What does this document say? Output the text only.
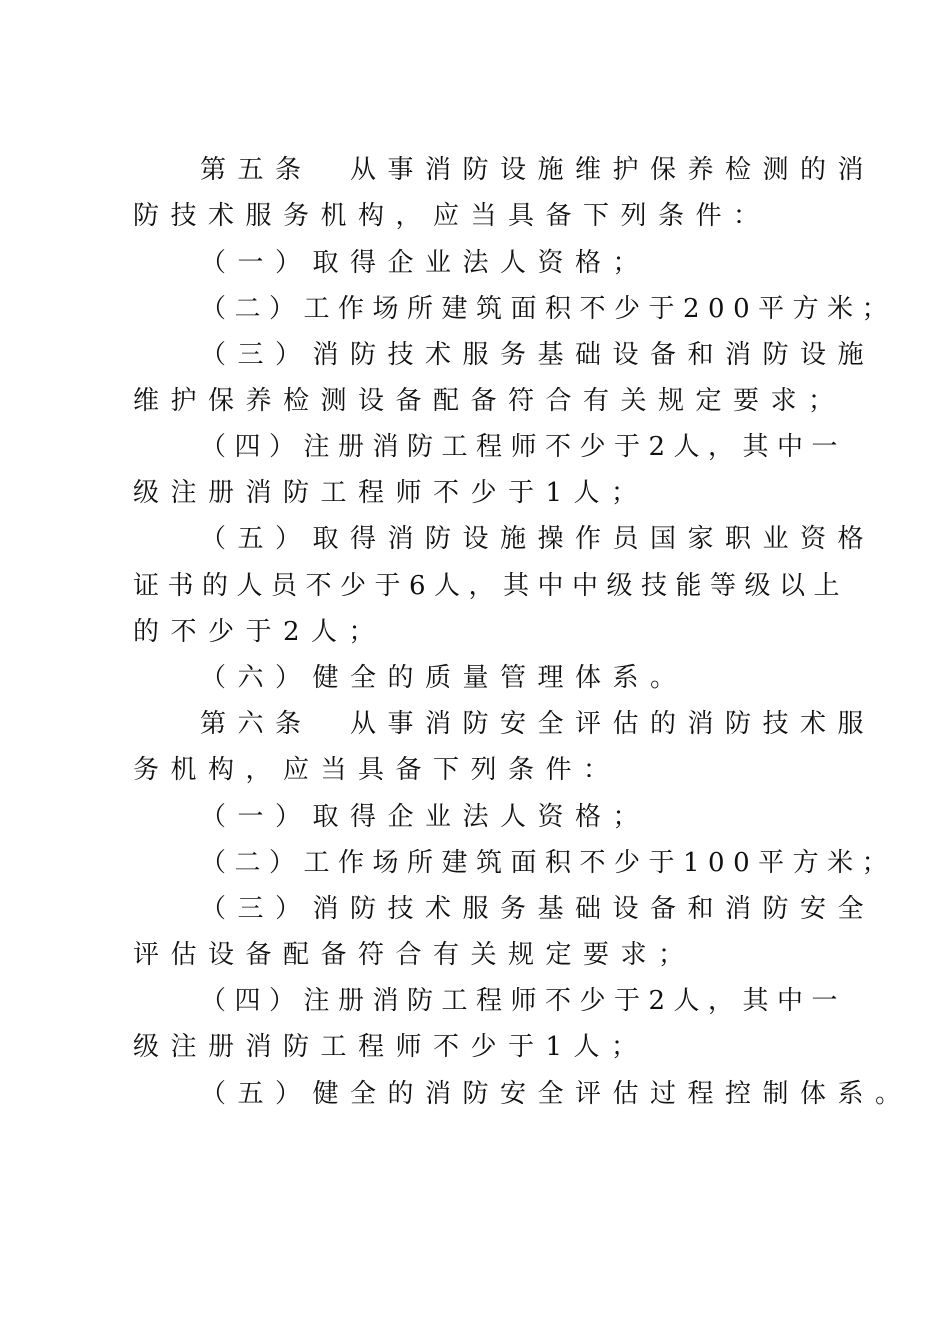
第五条　从事消防设施维护保养检测的消
防技术服务机构，应当具备下列条件：
（一）取得企业法人资格；
（二）工作场所建筑面积不少于200平方米；
（三）消防技术服务基础设备和消防设施
维护保养检测设备配备符合有关规定要求；
（四）注册消防工程师不少于2人，其中一
级注册消防工程师不少于1人；
（五）取得消防设施操作员国家职业资格
证书的人员不少于6人，其中中级技能等级以上
的不少于2人；
（六）健全的质量管理体系。
第六条　从事消防安全评估的消防技术服
务机构，应当具备下列条件：
（一）取得企业法人资格；
（二）工作场所建筑面积不少于100平方米；
（三）消防技术服务基础设备和消防安全
评估设备配备符合有关规定要求；
（四）注册消防工程师不少于2人，其中一
级注册消防工程师不少于1人；
（五）健全的消防安全评估过程控制体系。
